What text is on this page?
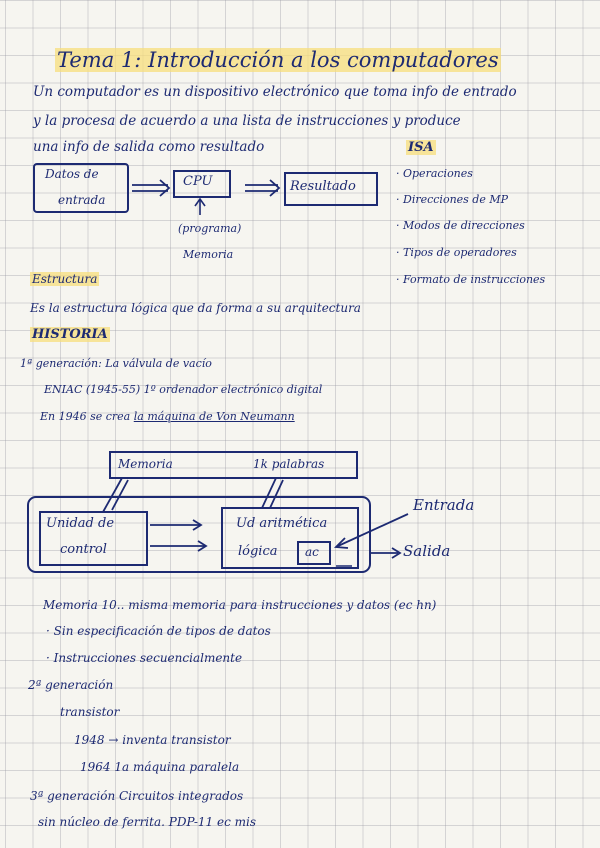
Tema 1: Introducción a los computadores
Un computador es un dispositivo electrónico que toma info de entrado
y la procesa de acuerdo a una lista de instrucciones y produce
una info de salida como resultado
Datos de
entrada
CPU	Resultado
(programa)
Memoria
ISA
· Operaciones
· Direcciones de MP
· Modos de direcciones
· Tipos de operadores
· Formato de instrucciones
Estructura
Es la estructura lógica que da forma a su arquitectura
HISTORIA
1ª generación: La válvula de vacío
ENIAC (1945-55) 1º ordenador electrónico digital
En 1946 se crea la máquina de Von Neumann
Memoria	1k palabras
Unidad de
control
Ud aritmética
lógica ac
Entrada
Salida
Memoria 10.. misma memoria para instrucciones y datos (ec hn)
· Sin especificación de tipos de datos
· Instrucciones secuencialmente
2ª generación
transistor
1948 → inventa transistor
1964 1a máquina paralela
3ª generación Circuitos integrados
sin núcleo de ferrita. PDP-11 ec mis
